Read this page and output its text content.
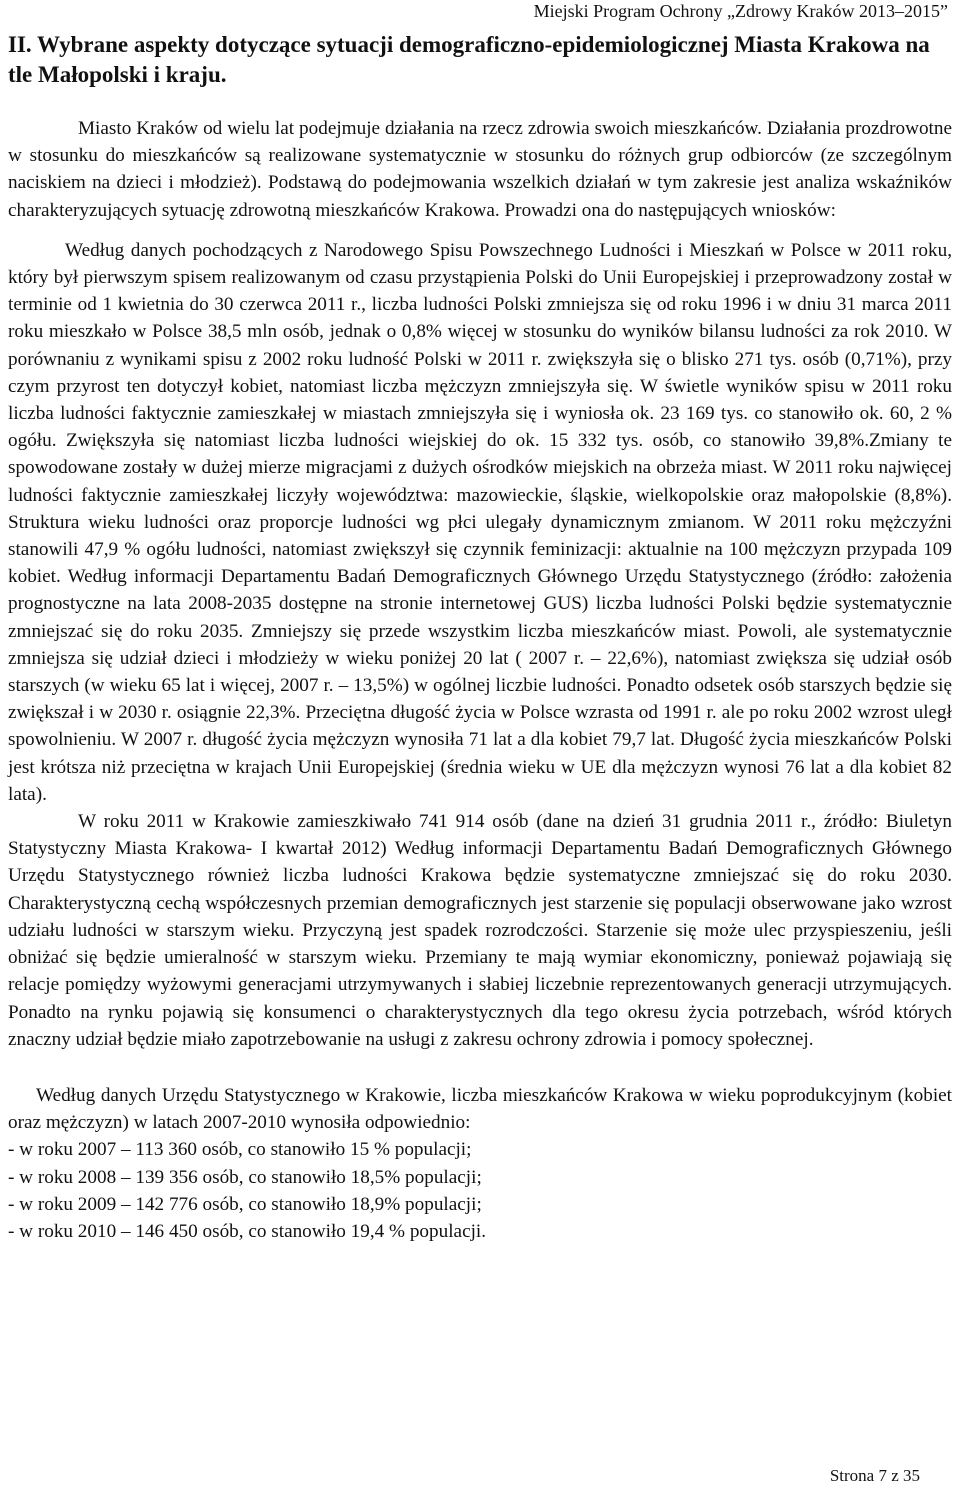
Miejski Program Ochrony „Zdrowy Kraków 2013–2015”
II. Wybrane aspekty dotyczące sytuacji demograficzno-epidemiologicznej Miasta Krakowa na tle Małopolski i kraju.

Miasto Kraków od wielu lat podejmuje działania na rzecz zdrowia swoich mieszkańców. Działania prozdrowotne w stosunku do mieszkańców są realizowane systematycznie w stosunku do różnych grup odbiorców (ze szczególnym naciskiem na dzieci i młodzież). Podstawą do podejmowania wszelkich działań w tym zakresie jest analiza wskaźników charakteryzujących sytuację zdrowotną mieszkańców Krakowa. Prowadzi ona do następujących wniosków:

Według danych pochodzących z Narodowego Spisu Powszechnego Ludności i Mieszkań w Polsce w 2011 roku, który był pierwszym spisem realizowanym od czasu przystąpienia Polski do Unii Europejskiej i przeprowadzony został w terminie od 1 kwietnia do 30 czerwca 2011 r., liczba ludności Polski zmniejsza się od roku 1996 i w dniu 31 marca 2011 roku mieszkało w Polsce 38,5 mln osób, jednak o 0,8% więcej w stosunku do wyników bilansu ludności za rok 2010. W porównaniu z wynikami spisu z 2002 roku ludność Polski w 2011 r. zwiększyła się o blisko 271 tys. osób (0,71%), przy czym przyrost ten dotyczył kobiet, natomiast liczba mężczyzn zmniejszyła się. W świetle wyników spisu w 2011 roku liczba ludności faktycznie zamieszkałej w miastach zmniejszyła się i wyniosła ok. 23 169 tys. co stanowiło ok. 60, 2 % ogółu. Zwiększyła się natomiast liczba ludności wiejskiej do ok. 15 332 tys. osób, co stanowiło 39,8%.Zmiany te spowodowane zostały w dużej mierze migracjami z dużych ośrodków miejskich na obrzeża miast. W 2011 roku najwięcej ludności faktycznie zamieszkałej liczyły województwa: mazowieckie, śląskie, wielkopolskie oraz małopolskie (8,8%). Struktura wieku ludności oraz proporcje ludności wg płci ulegały dynamicznym zmianom. W 2011 roku mężczyźni stanowili 47,9 % ogółu ludności, natomiast zwiększył się czynnik feminizacji: aktualnie na 100 mężczyzn przypada 109 kobiet. Według informacji Departamentu Badań Demograficznych Głównego Urzędu Statystycznego (źródło: założenia prognostyczne na lata 2008-2035 dostępne na stronie internetowej GUS) liczba ludności Polski będzie systematycznie zmniejszać się do roku 2035. Zmniejszy się przede wszystkim liczba mieszkańców miast. Powoli, ale systematycznie zmniejsza się udział dzieci i młodzieży w wieku poniżej 20 lat ( 2007 r. – 22,6%), natomiast zwiększa się udział osób starszych (w wieku 65 lat i więcej, 2007 r. – 13,5%) w ogólnej liczbie ludności. Ponadto odsetek osób starszych będzie się zwiększał i w 2030 r. osiągnie 22,3%. Przeciętna długość życia w Polsce wzrasta od 1991 r. ale po roku 2002 wzrost uległ spowolnieniu. W 2007 r. długość życia mężczyzn wynosiła 71 lat a dla kobiet 79,7 lat. Długość życia mieszkańców Polski jest krótsza niż przeciętna w krajach Unii Europejskiej (średnia wieku w UE dla mężczyzn wynosi 76 lat a dla kobiet 82 lata).

W roku 2011 w Krakowie zamieszkiwało 741 914 osób (dane na dzień 31 grudnia 2011 r., źródło: Biuletyn Statystyczny Miasta Krakowa- I kwartał 2012) Według informacji Departamentu Badań Demograficznych Głównego Urzędu Statystycznego również liczba ludności Krakowa będzie systematyczne zmniejszać się do roku 2030. Charakterystyczną cechą współczesnych przemian demograficznych jest starzenie się populacji obserwowane jako wzrost udziału ludności w starszym wieku. Przyczyną jest spadek rozrodczości. Starzenie się może ulec przyspieszeniu, jeśli obniżać się będzie umieralność w starszym wieku. Przemiany te mają wymiar ekonomiczny, ponieważ pojawiają się relacje pomiędzy wyżowymi generacjami utrzymywanych i słabiej liczebnie reprezentowanych generacji utrzymujących. Ponadto na rynku pojawią się konsumenci o charakterystycznych dla tego okresu życia potrzebach, wśród których znaczny udział będzie miało zapotrzebowanie na usługi z zakresu ochrony zdrowia i pomocy społecznej.

Według danych Urzędu Statystycznego w Krakowie, liczba mieszkańców Krakowa w wieku poprodukcyjnym (kobiet oraz mężczyzn) w latach 2007-2010 wynosiła odpowiednio:

- w roku 2007 – 113 360 osób, co stanowiło 15 % populacji;
- w roku 2008 – 139 356 osób, co stanowiło 18,5% populacji;
- w roku 2009 – 142 776 osób, co stanowiło 18,9% populacji;
- w roku 2010 – 146 450 osób, co stanowiło 19,4 % populacji.
Strona 7 z 35
